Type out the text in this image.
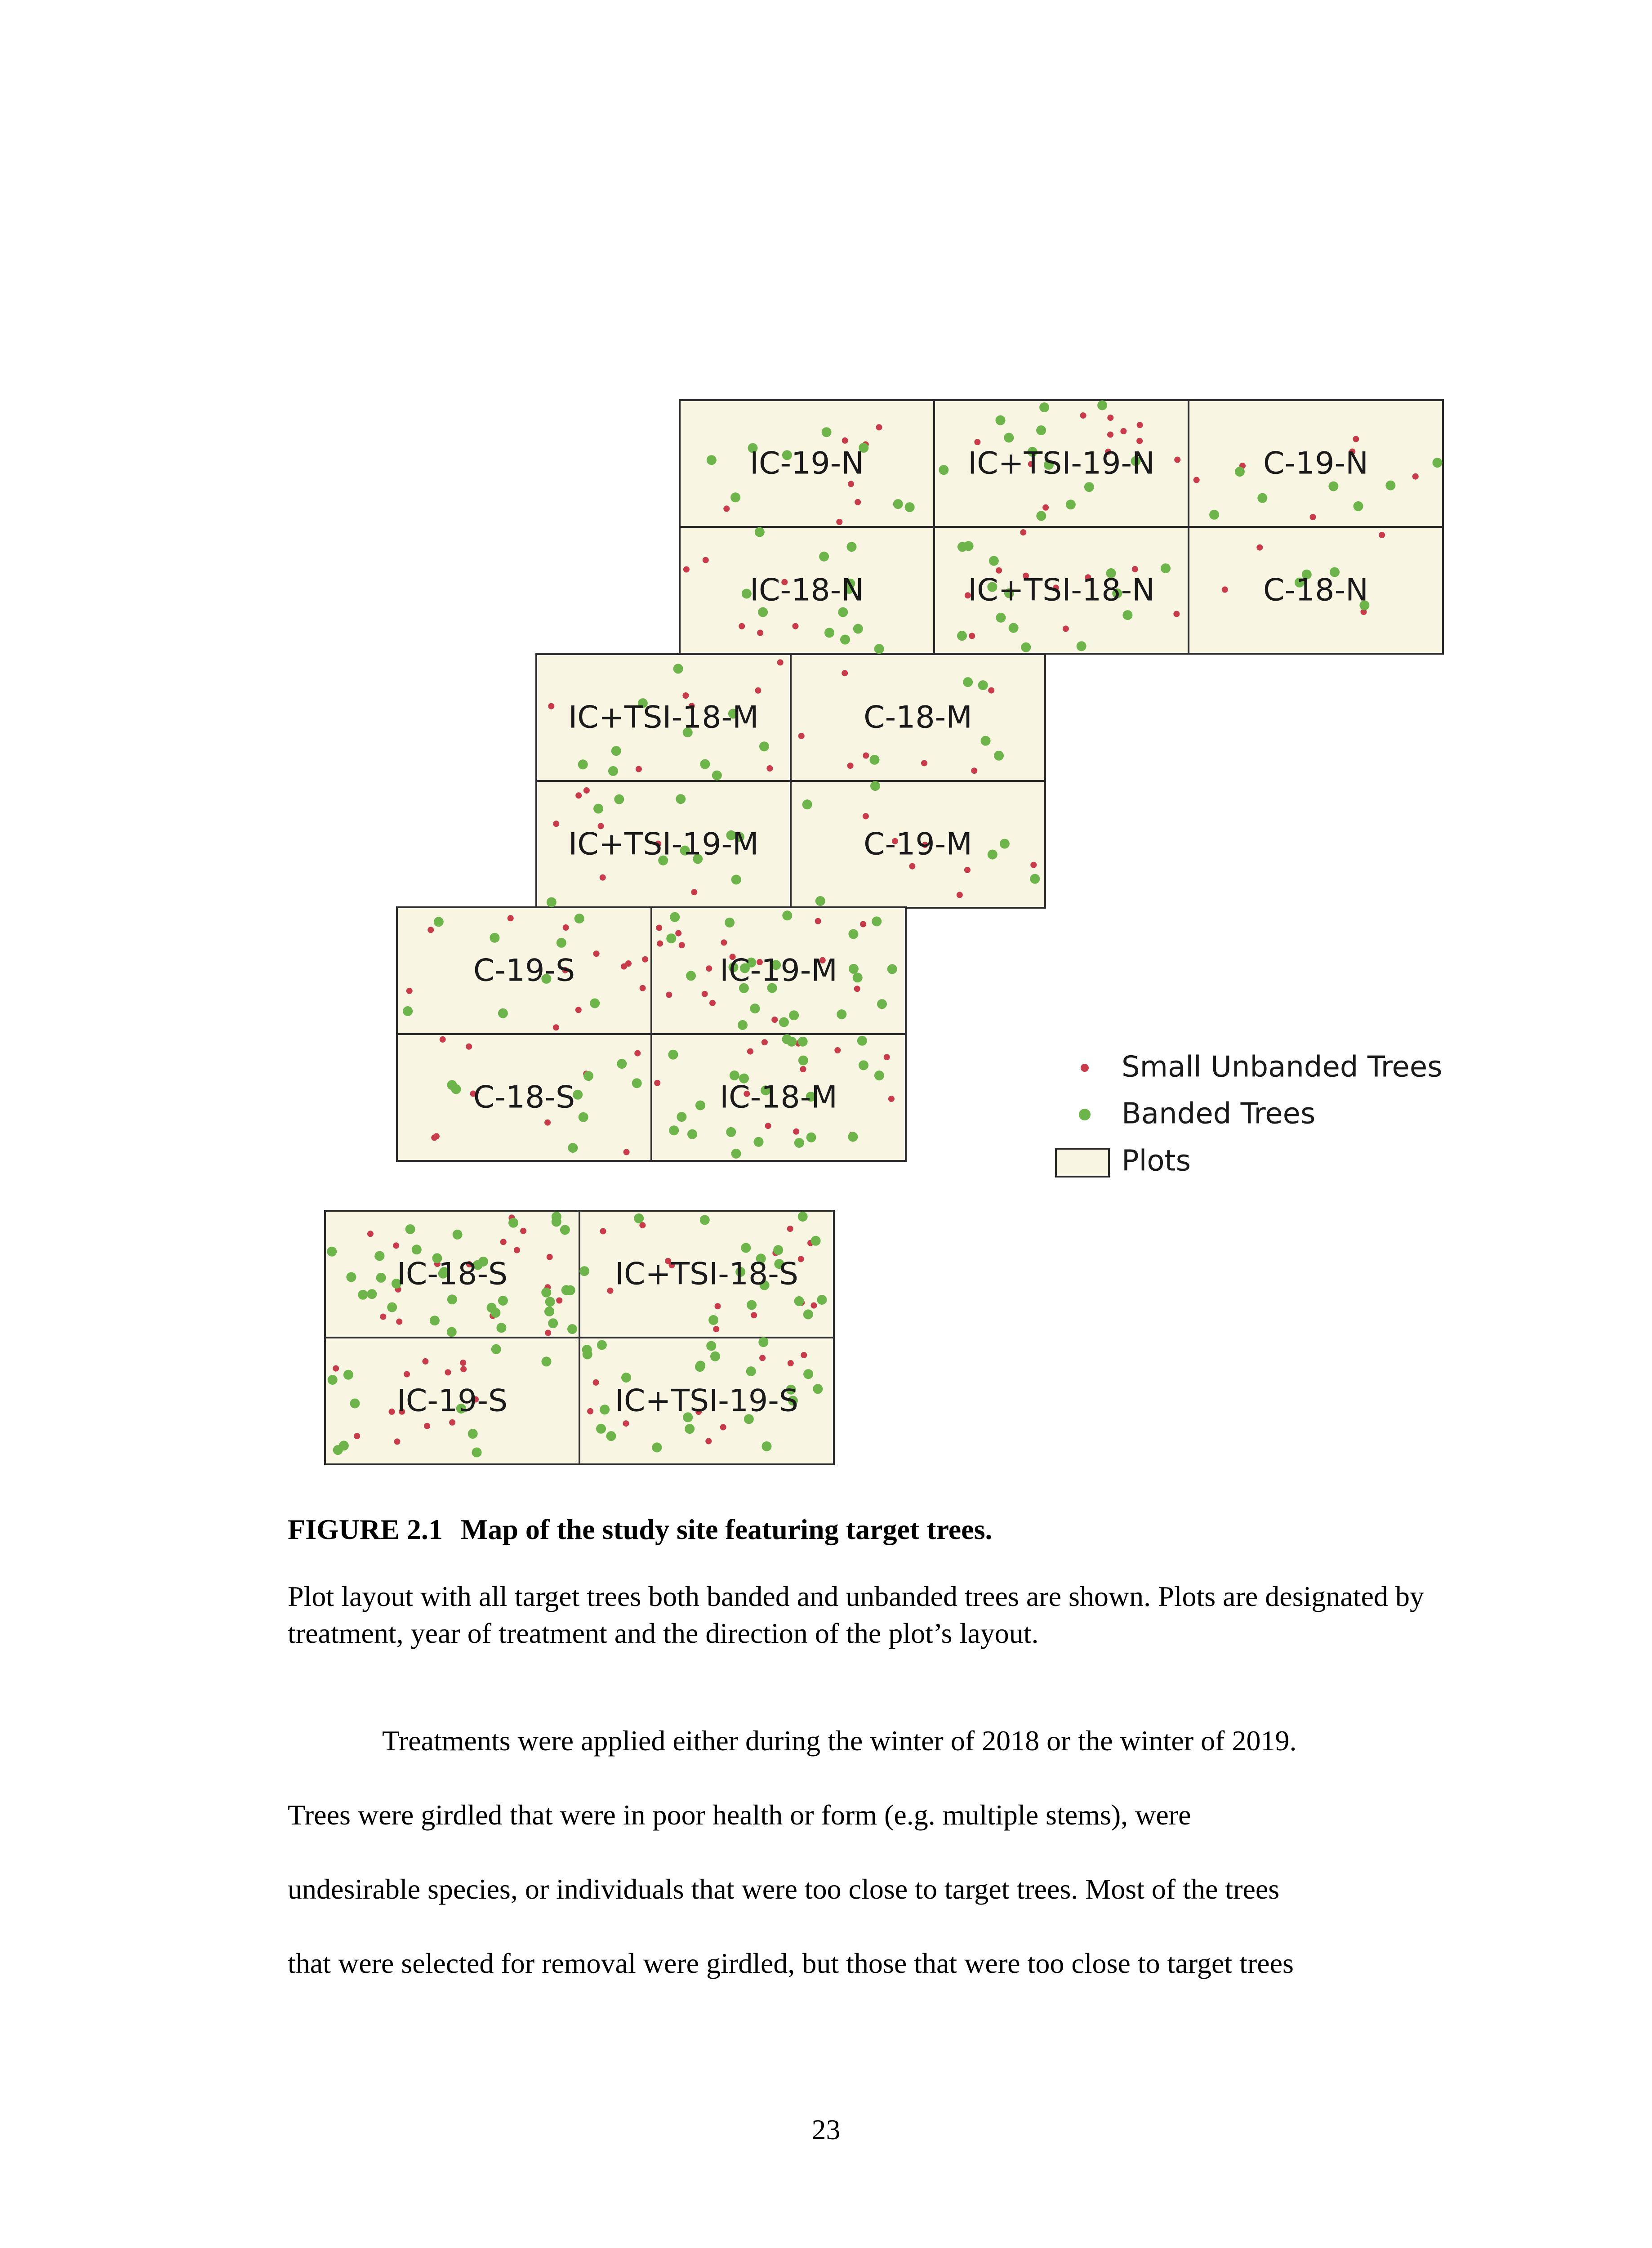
IC-19-N	IC+TSI-19-N	C-19-N
IC-18-N	IC+TSI-18-N	C-18-N
IC+TSI-18-M	C-18-M
IC+TSI-19-M	C-19-M
C-19-S	IC-19-M
C-18-S	IC-18-M
IC-18-S	IC+TSI-18-S
IC-19-S	IC+TSI-19-S
Small Unbanded Trees
Banded Trees
Plots
FIGURE 2.1 Map of the study site featuring target trees.
Plot layout with all target trees both banded and unbanded trees are shown. Plots are designated by treatment, year of treatment and the direction of the plot’s layout.
Treatments were applied either during the winter of 2018 or the winter of 2019.
Trees were girdled that were in poor health or form (e.g. multiple stems), were
undesirable species, or individuals that were too close to target trees. Most of the trees
that were selected for removal were girdled, but those that were too close to target trees
23
